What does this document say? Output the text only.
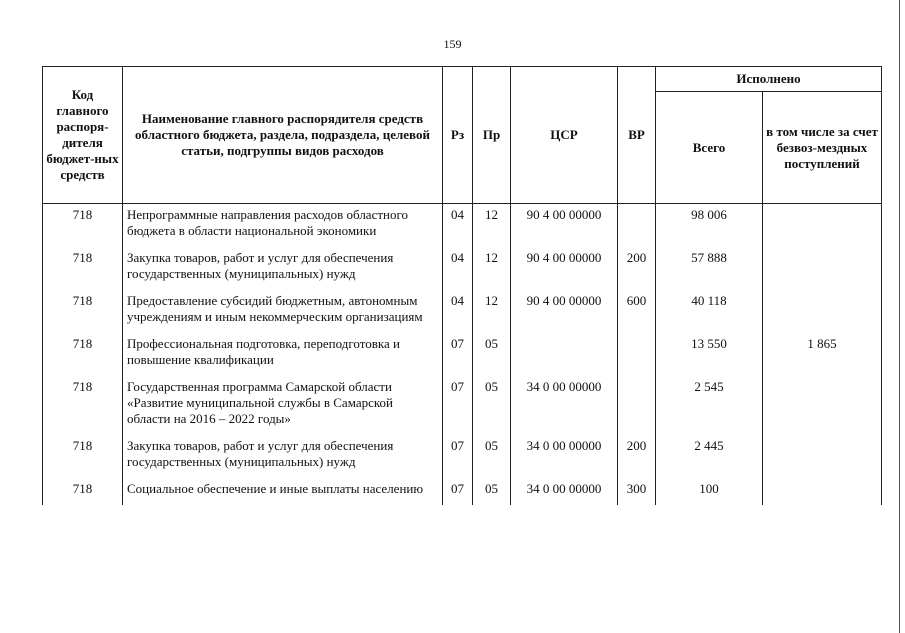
159
Код главного распоря-дителя бюджет-ных средств	Наименование главного распорядителя средств областного бюджета, раздела, подраздела, целевой статьи, подгруппы видов расходов	Рз	Пр	ЦСР	ВР	Исполнено	
						Всего	в том числе за счет безвоз-мездных поступлений
718	Непрограммные направления расходов областного бюджета в области национальной экономики	04	12	90 4 00 00000		98 006	
718	Закупка товаров, работ и услуг для обеспечения государственных (муниципальных) нужд	04	12	90 4 00 00000	200	57 888	
718	Предоставление субсидий бюджетным, автономным учреждениям и иным некоммерческим организациям	04	12	90 4 00 00000	600	40 118	
718	Профессиональная подготовка, переподготовка и повышение квалификации	07	05			13 550	1 865
718	Государственная программа Самарской области «Развитие муниципальной службы в Самарской области на 2016 – 2022 годы»	07	05	34 0 00 00000		2 545	
718	Закупка товаров, работ и услуг для обеспечения государственных (муниципальных) нужд	07	05	34 0 00 00000	200	2 445	
718	Социальное обеспечение и иные выплаты населению	07	05	34 0 00 00000	300	100	
